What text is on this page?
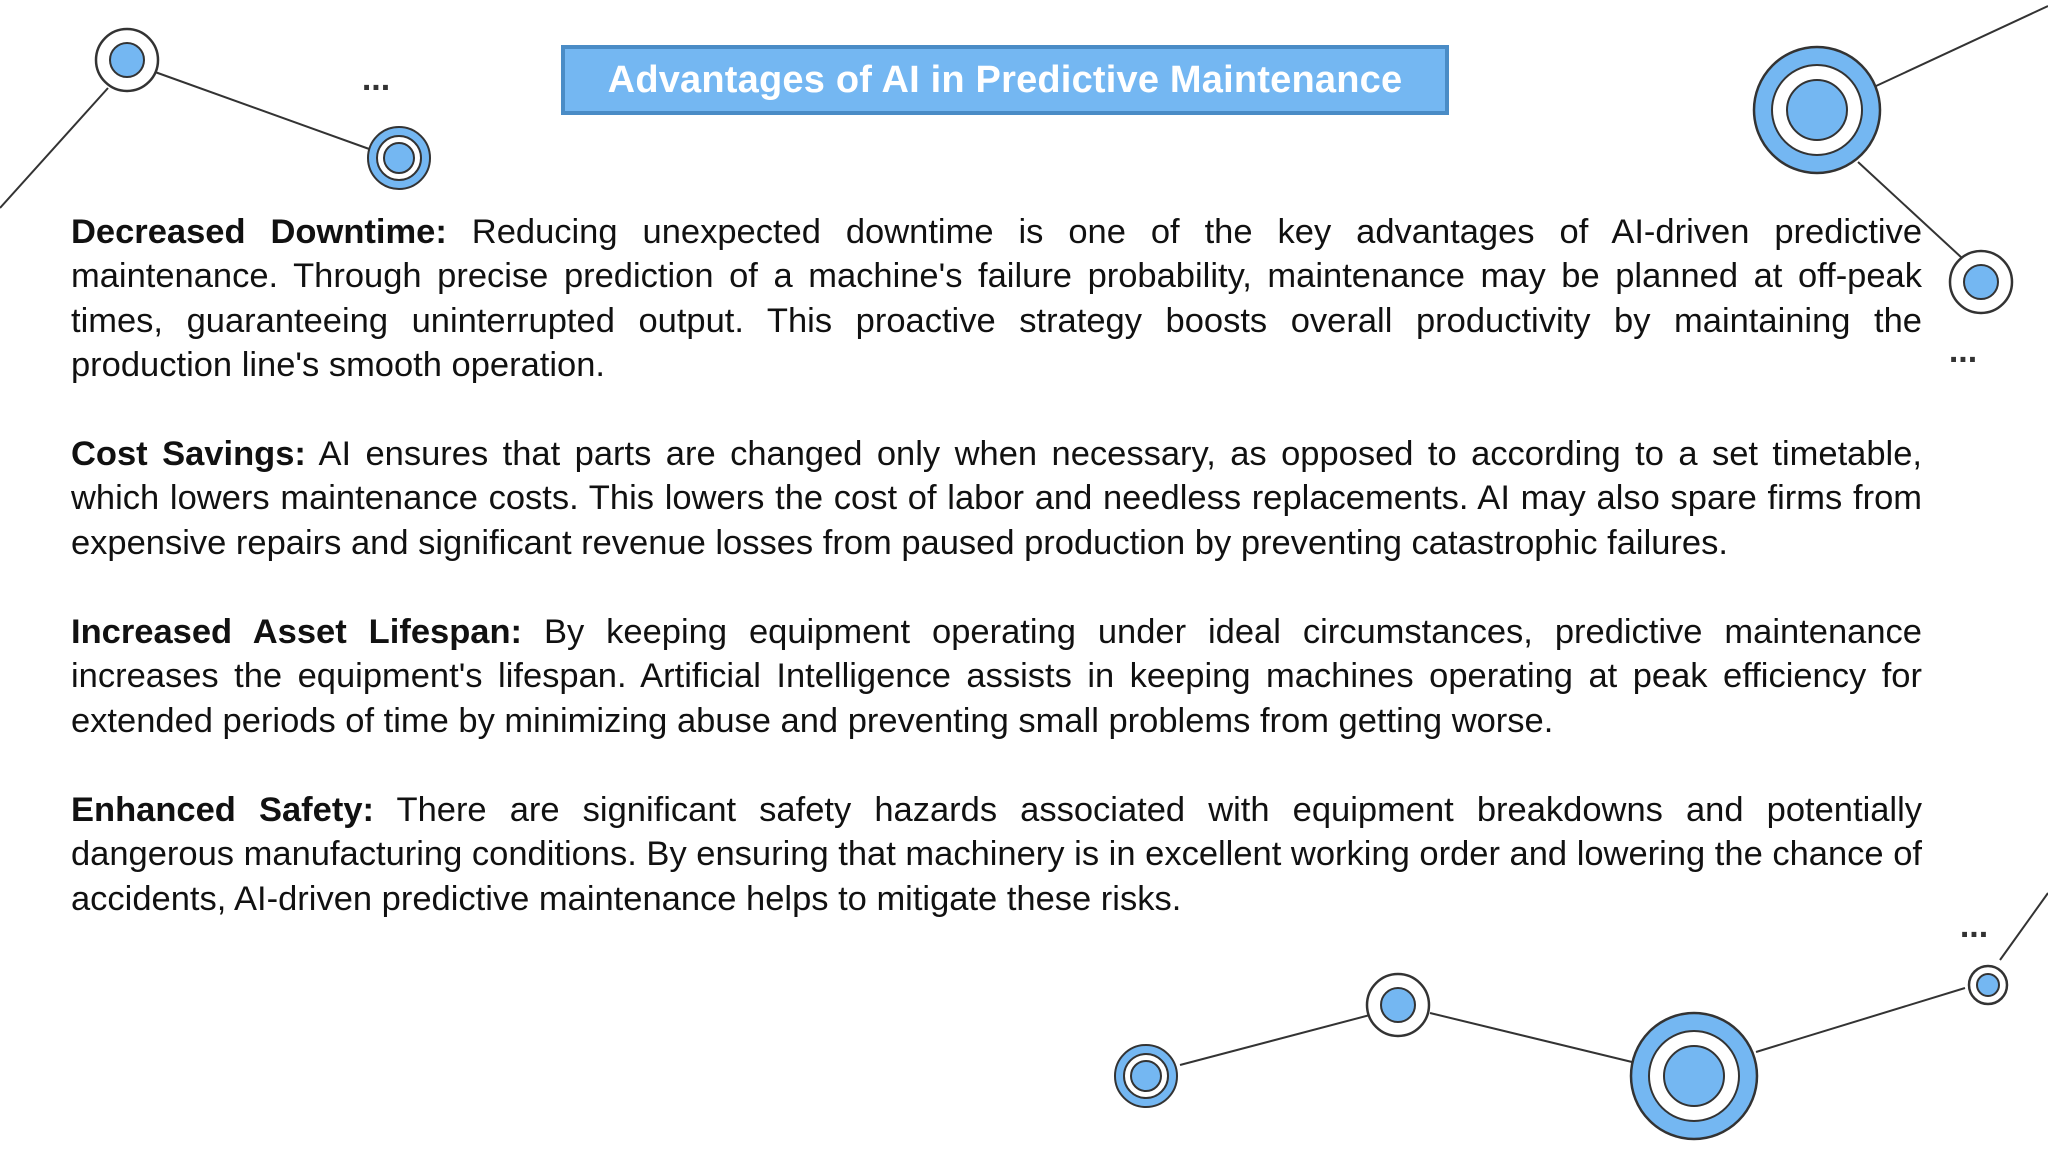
...
...
...
Advantages of AI in Predictive Maintenance

Decreased Downtime: Reducing unexpected downtime is one of the key advantages of AI-driven predictive maintenance. Through precise prediction of a machine's failure probability, maintenance may be planned at off-peak times, guaranteeing uninterrupted output. This proactive strategy boosts overall productivity by maintaining the production line's smooth operation.

Cost Savings: AI ensures that parts are changed only when necessary, as opposed to according to a set timetable, which lowers maintenance costs. This lowers the cost of labor and needless replacements. AI may also spare firms from expensive repairs and significant revenue losses from paused production by preventing catastrophic failures.

Increased Asset Lifespan: By keeping equipment operating under ideal circumstances, predictive maintenance increases the equipment's lifespan. Artificial Intelligence assists in keeping machines operating at peak efficiency for extended periods of time by minimizing abuse and preventing small problems from getting worse.

Enhanced Safety: There are significant safety hazards associated with equipment breakdowns and potentially dangerous manufacturing conditions. By ensuring that machinery is in excellent working order and lowering the chance of accidents, AI-driven predictive maintenance helps to mitigate these risks.
